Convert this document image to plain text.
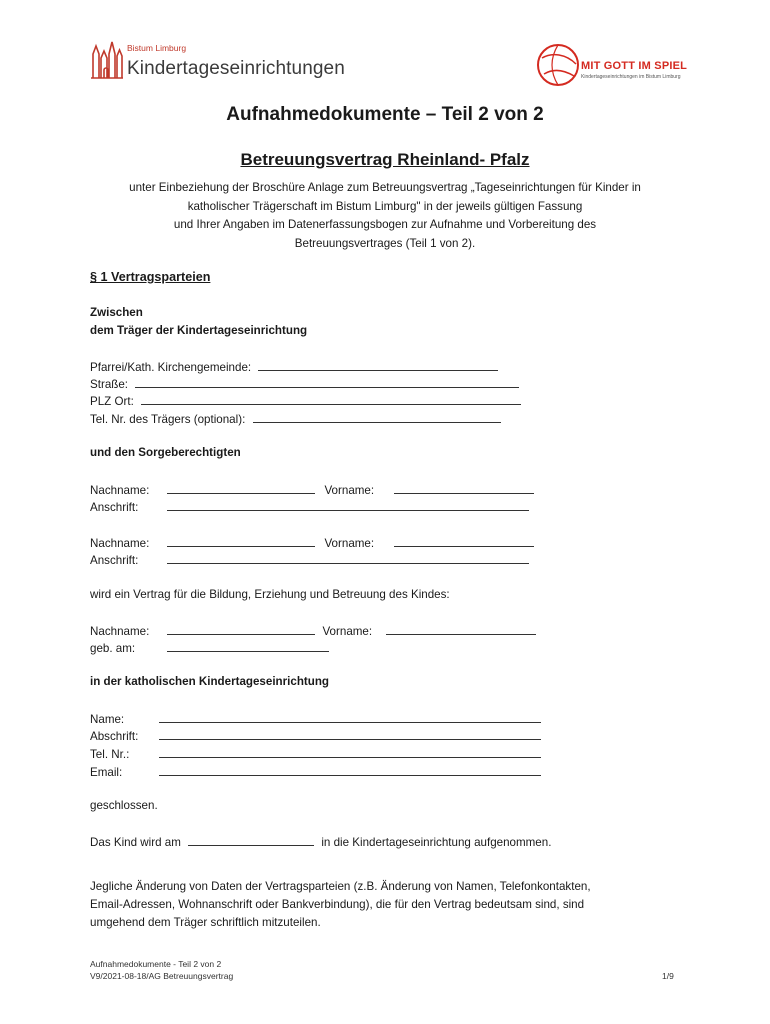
Bistum Limburg
Kindertageseinrichtungen	MIT GOTT IM SPIEL
Kindertageseinrichtungen im Bistum Limburg
Aufnahmedokumente – Teil 2 von 2
Betreuungsvertrag Rheinland- Pfalz
unter Einbeziehung der Broschüre Anlage zum Betreuungsvertrag „Tageseinrichtungen für Kinder in
katholischer Trägerschaft im Bistum Limburg" in der jeweils gültigen Fassung
und Ihrer Angaben im Datenerfassungsbogen zur Aufnahme und Vorbereitung des
Betreuungsvertrages (Teil 1 von 2).
§ 1 Vertragsparteien
Zwischen
dem Träger der Kindertageseinrichtung
Pfarrei/Kath. Kirchengemeinde:
Straße:
PLZ Ort:
Tel. Nr. des Trägers (optional):
und den Sorgeberechtigten
Nachname:	Vorname:
Anschrift:
Nachname:	Vorname:
Anschrift:
wird ein Vertrag für die Bildung, Erziehung und Betreuung des Kindes:
Nachname:	Vorname:
geb. am:
in der katholischen Kindertageseinrichtung
Name:
Abschrift:
Tel. Nr.:
Email:
geschlossen.
Das Kind wird am	in die Kindertageseinrichtung aufgenommen.
Jegliche Änderung von Daten der Vertragsparteien (z.B. Änderung von Namen, Telefonkontakten,
Email-Adressen, Wohnanschrift oder Bankverbindung), die für den Vertrag bedeutsam sind, sind
umgehend dem Träger schriftlich mitzuteilen.
Aufnahmedokumente - Teil 2 von 2
V9/2021-08-18/AG Betreuungsvertrag	1/9
